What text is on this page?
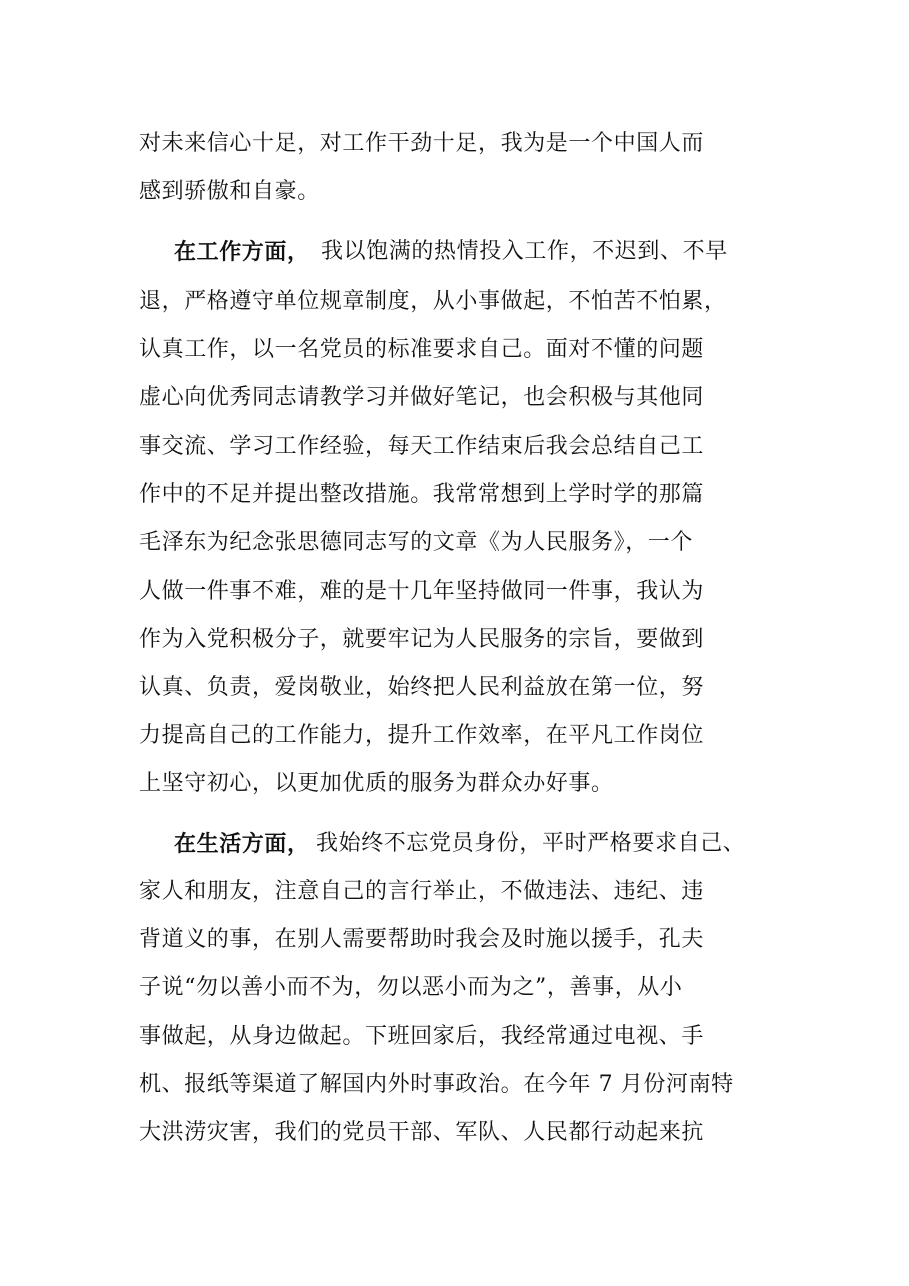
对未来信心十足，对工作干劲十足，我为是一个中国人而
感到骄傲和自豪。
在工作方面， 我以饱满的热情投入工作，不迟到、不早
退，严格遵守单位规章制度，从小事做起，不怕苦不怕累，
认真工作，以一名党员的标准要求自己。面对不懂的问题
虚心向优秀同志请教学习并做好笔记，也会积极与其他同
事交流、学习工作经验，每天工作结束后我会总结自己工
作中的不足并提出整改措施。我常常想到上学时学的那篇
毛泽东为纪念张思德同志写的文章《为人民服务》，一个
人做一件事不难，难的是十几年坚持做同一件事，我认为
作为入党积极分子，就要牢记为人民服务的宗旨，要做到
认真、负责，爱岗敬业，始终把人民利益放在第一位，努
力提高自己的工作能力，提升工作效率，在平凡工作岗位
上坚守初心，以更加优质的服务为群众办好事。
在生活方面， 我始终不忘党员身份，平时严格要求自己、
家人和朋友，注意自己的言行举止，不做违法、违纪、违
背道义的事，在别人需要帮助时我会及时施以援手，孔夫
子说“勿以善小而不为，勿以恶小而为之”，善事，从小
事做起，从身边做起。下班回家后，我经常通过电视、手
机、报纸等渠道了解国内外时事政治。在今年 7 月份河南特
大洪涝灾害，我们的党员干部、军队、人民都行动起来抗
